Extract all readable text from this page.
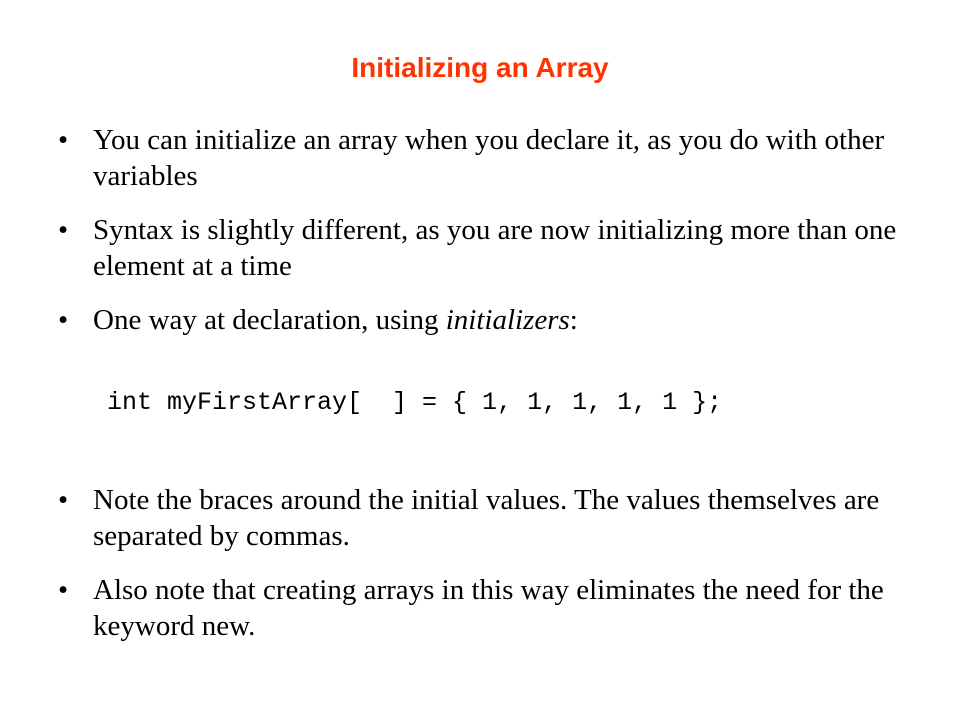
Initializing an Array
• You can initialize an array when you declare it, as you do with other variables
• Syntax is slightly different, as you are now initializing more than one element at a time
• One way at declaration, using initializers:
int myFirstArray[  ] = { 1, 1, 1, 1, 1 };
• Note the braces around the initial values. The values themselves are separated by commas.
• Also note that creating arrays in this way eliminates the need for the keyword new.
